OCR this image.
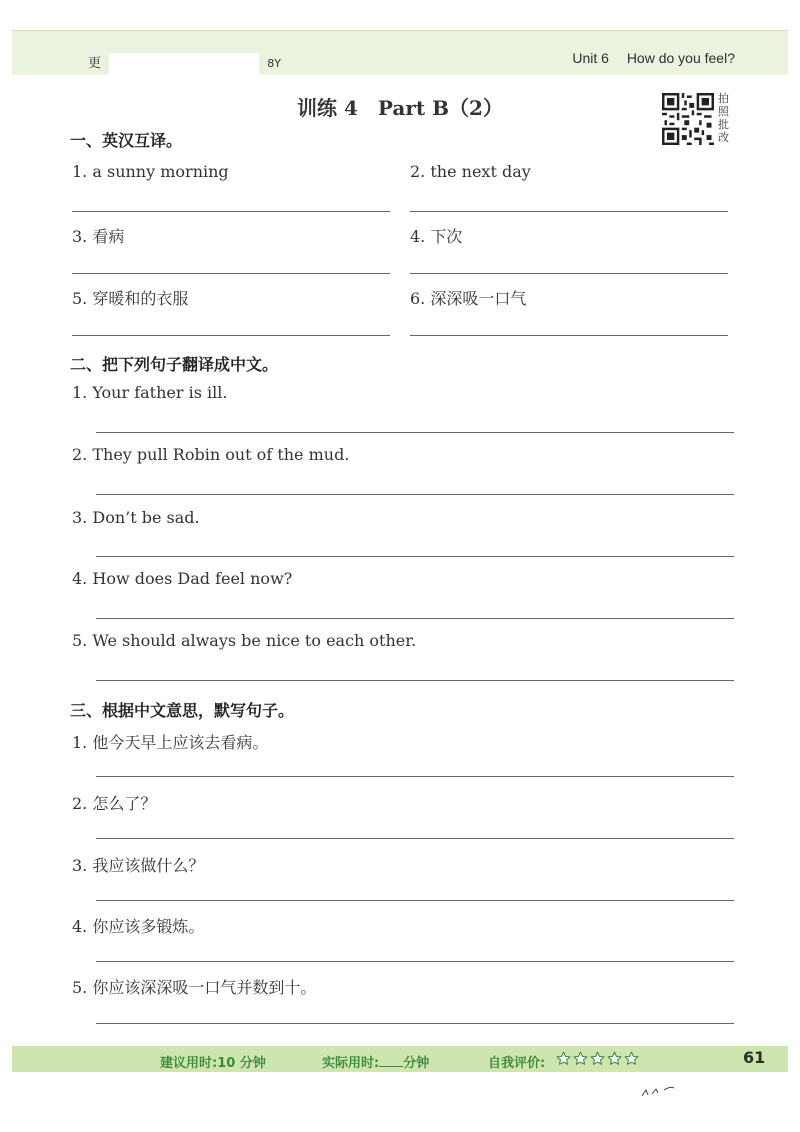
更	8Y	Unit 6 How do you feel?
训练 4　Part B（2）	拍
照
批
改
一、英汉互译。
1. a sunny morning	2. the next day
3. 看病	4. 下次
5. 穿暖和的衣服	6. 深深吸一口气
二、把下列句子翻译成中文。
1. Your father is ill.
2. They pull Robin out of the mud.
3. Don’t be sad.
4. How does Dad feel now?
5. We should always be nice to each other.
三、根据中文意思，默写句子。
1. 他今天早上应该去看病。
2. 怎么了？
3. 我应该做什么？
4. 你应该多锻炼。
5. 你应该深深吸一口气并数到十。
建议用时:10 分钟	实际用时: 分钟	自我评价:	61
